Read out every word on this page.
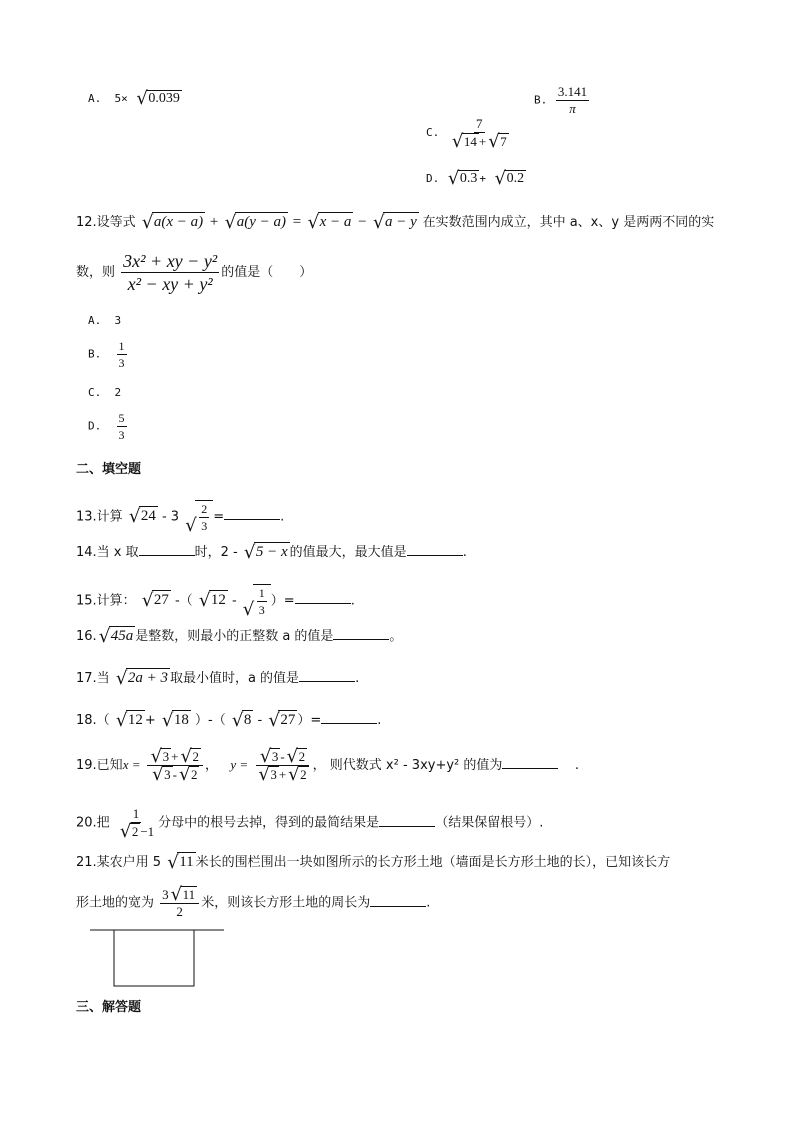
A. 5× √ 0.039	B. $\frac{3.141}{\pi}$
C. 7
√ 14 + √ 7
D. √ 0.3 + √ 0.2
12.设等式 √ a(x − a) + √ a(y − a) = √ x − a − √ a − y 在实数范围内成立，其中 a、x、y 是两两不同的实
数，则 $\frac{\text{3x² + xy − y²}}{\text{x² − xy + y²}}$ 的值是（　　）
A. 3
B. $\frac{1}{3}$
C. 2
D. $\frac{5}{3}$
二、填空题
13.计算 √ 24 - 3 √ $\frac{2}{3}$ =	.
14.当 x 取	时，2 - √ 5 − x 的值最大，最大值是	.
15.计算： √ 27 -（ √ 12 - √ $\frac{1}{3}$ ）=	.
16. √ 45a 是整数，则最小的正整数 a 的值是	。
17.当 √ 2a + 3 取最小值时，a 的值是	.
18.（ √ 12 + √ 18 ）-（ √ 8 - √ 27 ）=	.
19.已知x = √ 3 + √ 2
√ 3 - √ 2 ， y = √ 3 - √ 2
√ 3 + √ 2 ， 则代数式 x² - 3xy+y² 的值为	.
20.把 1
√ 2 −1 分母中的根号去掉，得到的最简结果是	（结果保留根号）.
21.某农户用 5 √ 11 米长的围栏围出一块如图所示的长方形土地（墙面是长方形土地的长），已知该长方
形土地的宽为 $\frac{3 √ 11}{2}$ 米，则该长方形土地的周长为	.
三、解答题
